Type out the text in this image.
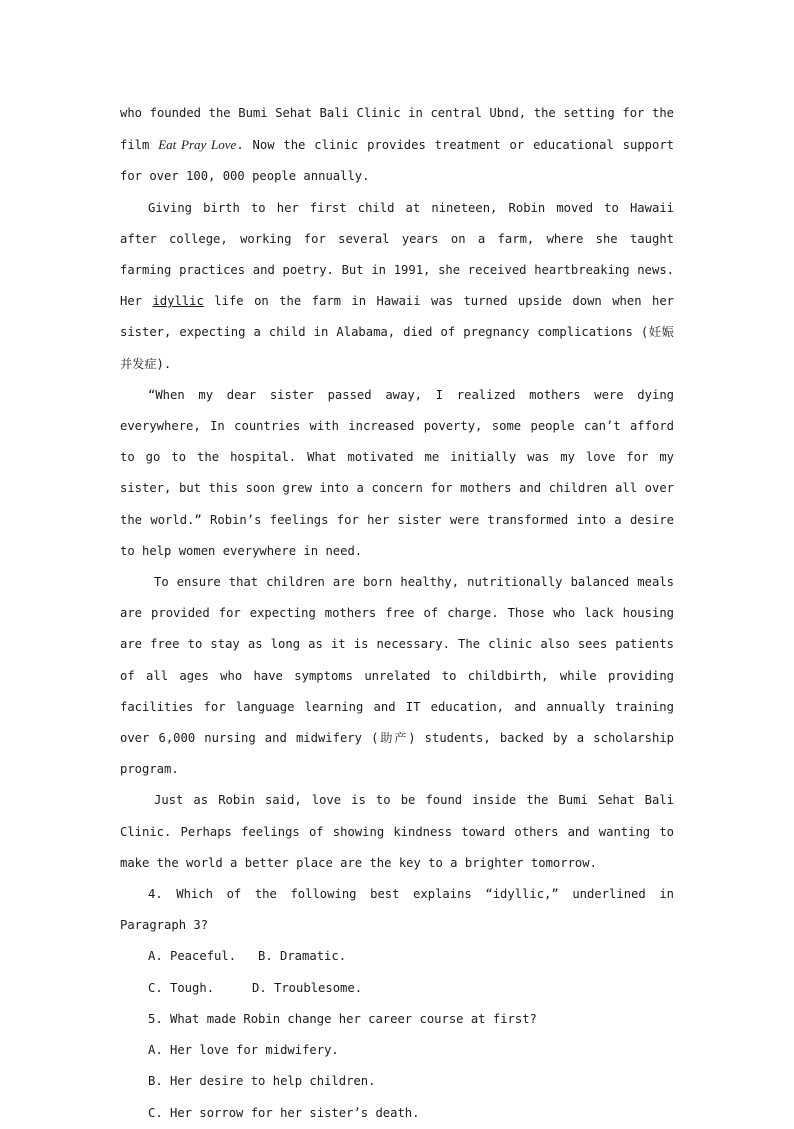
who founded the Bumi Sehat Bali Clinic in central Ubnd, the setting for the film Eat Pray Love. Now the clinic provides treatment or educational support for over 100, 000 people annually.

Giving birth to her first child at nineteen, Robin moved to Hawaii after college, working for several years on a farm, where she taught farming practices and poetry. But in 1991, she received heartbreaking news. Her idyllic life on the farm in Hawaii was turned upside down when her sister, expecting a child in Alabama, died of pregnancy complications (妊娠并发症).

“When my dear sister passed away, I realized mothers were dying everywhere, In countries with increased poverty, some people can’t afford to go to the hospital. What motivated me initially was my love for my sister, but this soon grew into a concern for mothers and children all over the world.” Robin’s feelings for her sister were transformed into a desire to help women everywhere in need.

To ensure that children are born healthy, nutritionally balanced meals are provided for expecting mothers free of charge. Those who lack housing are free to stay as long as it is necessary. The clinic also sees patients of all ages who have symptoms unrelated to childbirth, while providing facilities for language learning and IT education, and annually training over 6,000 nursing and midwifery (助产) students, backed by a scholarship program.

Just as Robin said, love is to be found inside the Bumi Sehat Bali Clinic. Perhaps feelings of showing kindness toward others and wanting to make the world a better place are the key to a brighter tomorrow.

4. Which of the following best explains “idyllic,” underlined in Paragraph 3?

A. Peaceful. B. Dramatic.
C. Tough.	D. Troublesome.

5. What made Robin change her career course at first?

A. Her love for midwifery.
B. Her desire to help children.
C. Her sorrow for her sister’s death.
